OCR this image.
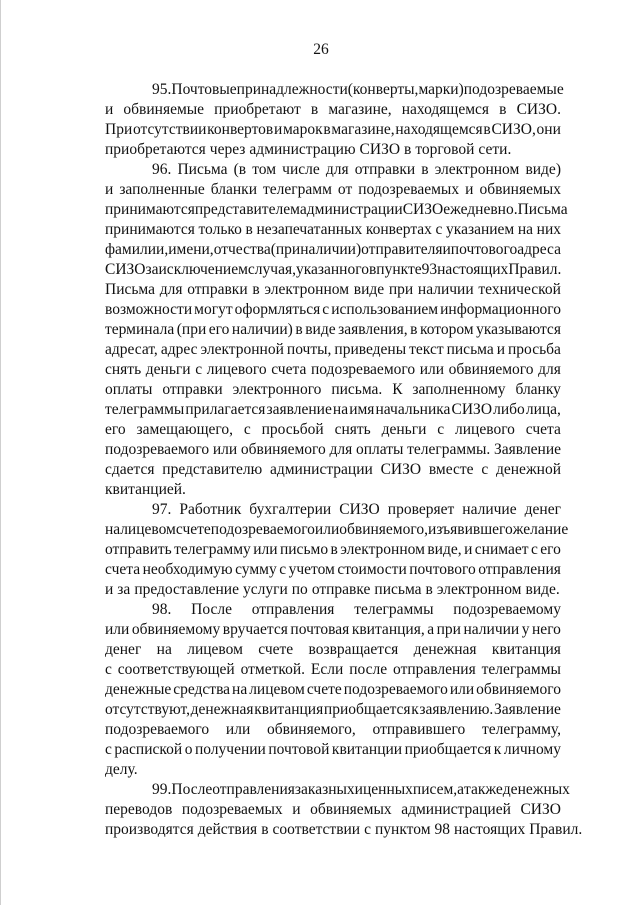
26
95. Почтовые принадлежности (конверты, марки) подозреваемые
и обвиняемые приобретают в магазине, находящемся в СИЗО.
При отсутствии конвертов и марок в магазине, находящемся в СИЗО, они
приобретаются через администрацию СИЗО в торговой сети.
96. Письма (в том числе для отправки в электронном виде)
и заполненные бланки телеграмм от подозреваемых и обвиняемых
принимаются представителем администрации СИЗО ежедневно. Письма
принимаются только в незапечатанных конвертах с указанием на них
фамилии, имени, отчества (при наличии) отправителя и почтового адреса
СИЗО за исключением случая, указанного в пункте 93 настоящих Правил.
Письма для отправки в электронном виде при наличии технической
возможности могут оформляться с использованием информационного
терминала (при его наличии) в виде заявления, в котором указываются
адресат, адрес электронной почты, приведены текст письма и просьба
снять деньги с лицевого счета подозреваемого или обвиняемого для
оплаты отправки электронного письма. К заполненному бланку
телеграммы прилагается заявление на имя начальника СИЗО либо лица,
его замещающего, с просьбой снять деньги с лицевого счета
подозреваемого или обвиняемого для оплаты телеграммы. Заявление
сдается представителю администрации СИЗО вместе с денежной
квитанцией.
97. Работник бухгалтерии СИЗО проверяет наличие денег
на лицевом счете подозреваемого или обвиняемого, изъявившего желание
отправить телеграмму или письмо в электронном виде, и снимает с его
счета необходимую сумму с учетом стоимости почтового отправления
и за предоставление услуги по отправке письма в электронном виде.
98. После отправления телеграммы подозреваемому
или обвиняемому вручается почтовая квитанция, а при наличии у него
денег на лицевом счете возвращается денежная квитанция
с соответствующей отметкой. Если после отправления телеграммы
денежные средства на лицевом счете подозреваемого или обвиняемого
отсутствуют, денежная квитанция приобщается к заявлению. Заявление
подозреваемого или обвиняемого, отправившего телеграмму,
с распиской о получении почтовой квитанции приобщается к личному
делу.
99. После отправления заказных и ценных писем, а также денежных
переводов подозреваемых и обвиняемых администрацией СИЗО
производятся действия в соответствии с пунктом 98 настоящих Правил.
